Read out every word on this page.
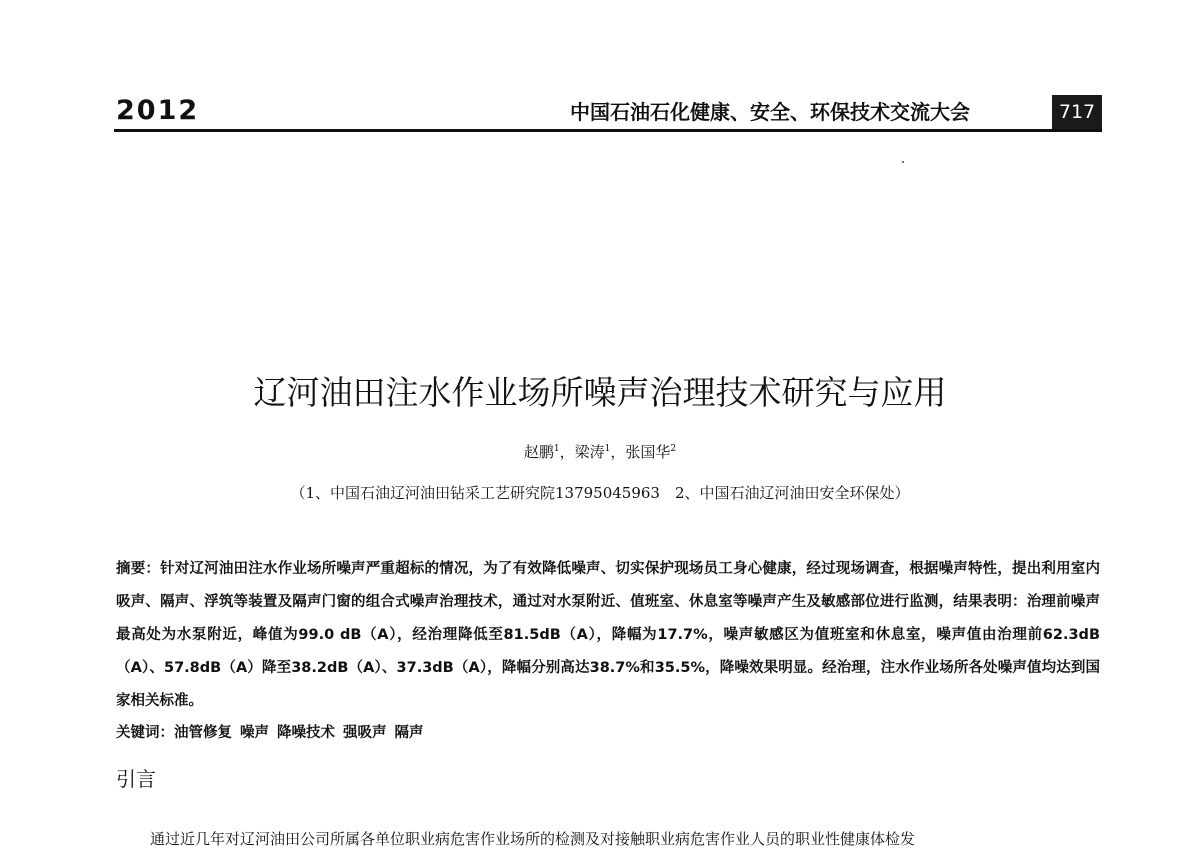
2012	中国石油石化健康、安全、环保技术交流大会	717
辽河油田注水作业场所噪声治理技术研究与应用
赵鹏$^1$，梁涛$^1$，张国华$^2$
（1、中国石油辽河油田钻采工艺研究院13795045963　2、中国石油辽河油田安全环保处）
摘要：针对辽河油田注水作业场所噪声严重超标的情况，为了有效降低噪声、切实保护现场员工身心健康，经过现场调查，根据噪声特性，提出利用室内吸声、隔声、浮筑等装置及隔声门窗的组合式噪声治理技术，通过对水泵附近、值班室、休息室等噪声产生及敏感部位进行监测，结果表明：治理前噪声最高处为水泵附近，峰值为99.0 dB（A），经治理降低至81.5dB（A），降幅为17.7%，噪声敏感区为值班室和休息室，噪声值由治理前62.3dB（A）、57.8dB（A）降至38.2dB（A）、37.3dB（A），降幅分别高达38.7%和35.5%，降噪效果明显。经治理，注水作业场所各处噪声值均达到国家相关标准。
关键词：油管修复 噪声 降噪技术 强吸声 隔声
引言

通过近几年对辽河油田公司所属各单位职业病危害作业场所的检测及对接触职业病危害作业人员的职业性健康体检发
